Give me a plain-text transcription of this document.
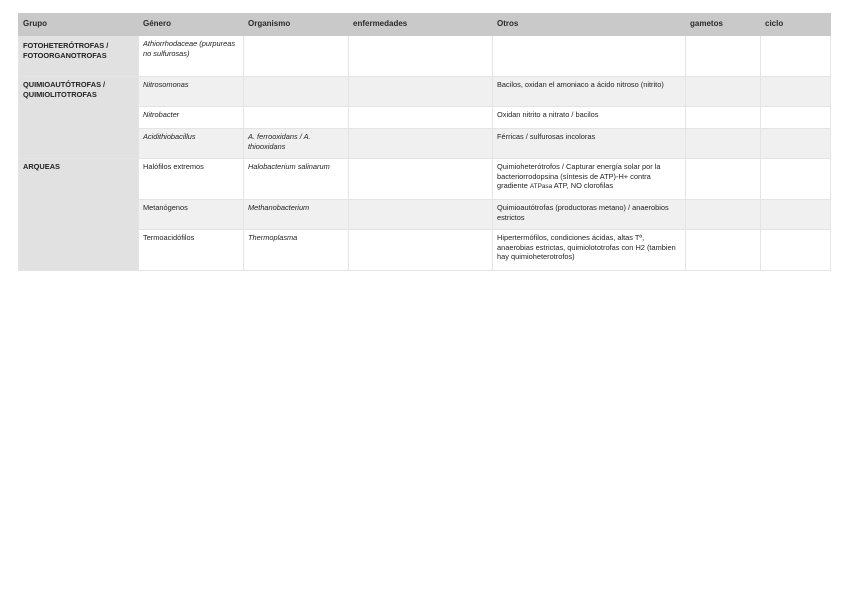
Grupo	Género	Organismo	enfermedades	Otros	gametos	ciclo
FOTOHETERÓTROFAS / FOTOORGANOTROFAS	Athiorrhodaceae (purpureas no sulfurosas)					
QUIMIOAUTÓTROFAS / QUIMIOLITOTROFAS	Nitrosomonas			Bacilos, oxidan el amoniaco a ácido nitroso (nitrito)		
	Nitrobacter			Oxidan nitrito a nitrato / bacilos		
	Acidithiobacillus	A. ferrooxidans / A. thiooxidans		Férricas / sulfurosas incoloras		
ARQUEAS	Halófilos extremos	Halobacterium salinarum		Quimioheterótrofos / Capturar energía solar por la bacteriorrodopsina (síntesis de ATP)-H+ contra gradiente ATPasa ATP, NO clorofilas		
	Metanógenos	Methanobacterium		Quimioautótrofas (productoras metano) / anaerobios estrictos		
	Termoacidófilos	Thermoplasma		Hipertermófilos, condiciones ácidas, altas Tª, anaerobias estrictas, quimiolototrofas con H2 (tambien hay quimioheterotrofos)		
